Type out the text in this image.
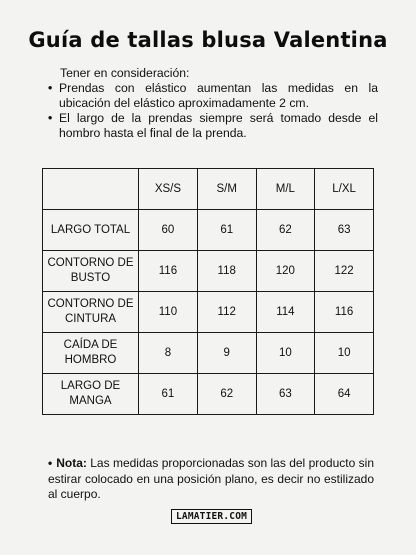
Guía de tallas blusa Valentina
Tener en consideración:
• Prendas con elástico aumentan las medidas en la ubicación del elástico aproximadamente 2 cm.
• El largo de la prendas siempre será tomado desde el hombro hasta el final de la prenda.
	XS/S	S/M	M/L	L/XL
LARGO TOTAL	60	61	62	63
CONTORNO DE BUSTO	116	118	120	122
CONTORNO DE CINTURA	110	112	114	116
CAÍDA DE HOMBRO	8	9	10	10
LARGO DE MANGA	61	62	63	64
• Nota: Las medidas proporcionadas son las del producto sin estirar colocado en una posición plano, es decir no estilizado al cuerpo.
LAMATIER.COM
